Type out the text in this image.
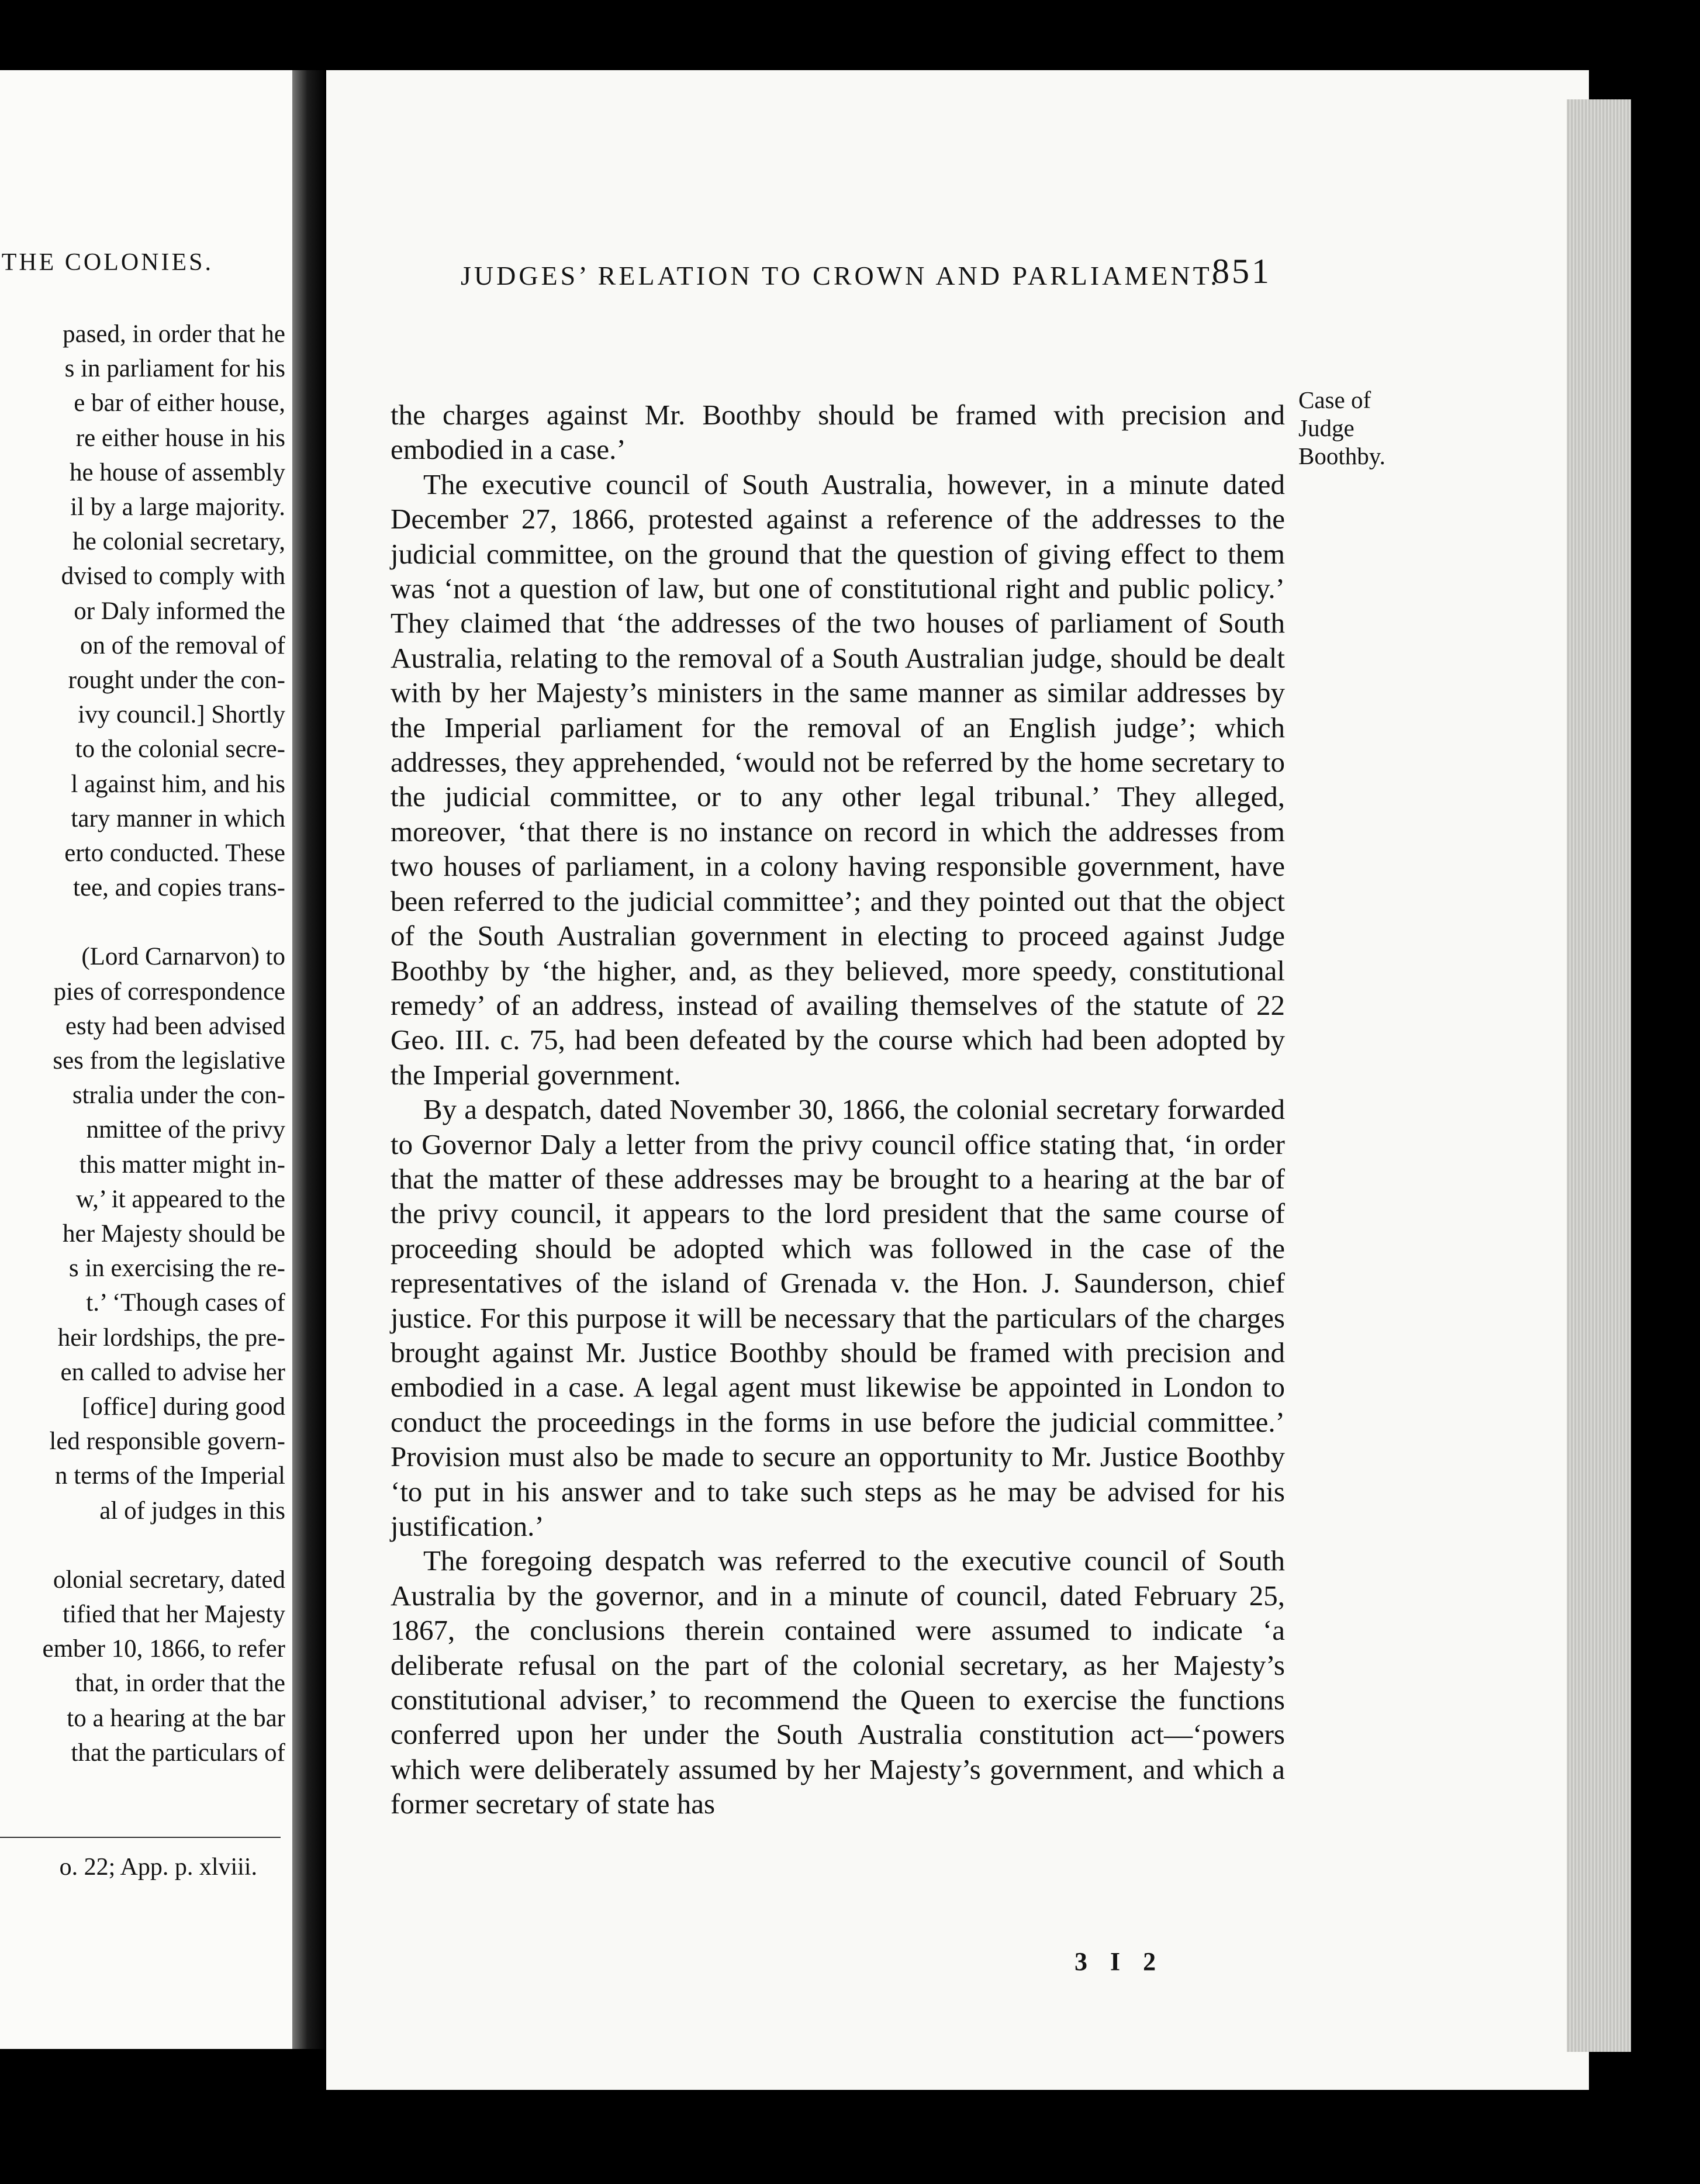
THE COLONIES.
pased, in order that he
s in parliament for his
e bar of either house,
re either house in his
he house of assembly
il by a large majority.
he colonial secretary,
dvised to comply with
or Daly informed the
on of the removal of
rought under the con-
ivy council.] Shortly
to the colonial secre-
l against him, and his
tary manner in which
erto conducted. These
tee, and copies trans-
(Lord Carnarvon) to
pies of correspondence
esty had been advised
ses from the legislative
stralia under the con-
nmittee of the privy
this matter might in-
w,’ it appeared to the
her Majesty should be
s in exercising the re-
t.’ ‘Though cases of
heir lordships, the pre-
en called to advise her
[office] during good
led responsible govern-
n terms of the Imperial
al of judges in this
olonial secretary, dated
tified that her Majesty
ember 10, 1866, to refer
that, in order that the
to a hearing at the bar
that the particulars of
o. 22; App. p. xlviii.
JUDGES’ RELATION TO CROWN AND PARLIAMENT.
851
Case of Judge Boothby.

the charges against Mr. Boothby should be framed with precision and embodied in a case.’

The executive council of South Australia, however, in a minute dated December 27, 1866, protested against a reference of the addresses to the judicial committee, on the ground that the question of giving effect to them was ‘not a question of law, but one of constitutional right and public policy.’ They claimed that ‘the addresses of the two houses of parliament of South Australia, relating to the removal of a South Australian judge, should be dealt with by her Majesty’s ministers in the same manner as similar addresses by the Imperial parliament for the removal of an English judge’; which addresses, they apprehended, ‘would not be referred by the home secretary to the judicial committee, or to any other legal tribunal.’ They alleged, moreover, ‘that there is no instance on record in which the addresses from two houses of parliament, in a colony having responsible government, have been referred to the judicial committee’; and they pointed out that the object of the South Australian government in electing to proceed against Judge Boothby by ‘the higher, and, as they believed, more speedy, constitutional remedy’ of an address, instead of availing themselves of the statute of 22 Geo. III. c. 75, had been defeated by the course which had been adopted by the Imperial government.

By a despatch, dated November 30, 1866, the colonial secretary forwarded to Governor Daly a letter from the privy council office stating that, ‘in order that the matter of these addresses may be brought to a hearing at the bar of the privy council, it appears to the lord president that the same course of proceeding should be adopted which was followed in the case of the representatives of the island of Grenada v. the Hon. J. Saunderson, chief justice. For this purpose it will be necessary that the particulars of the charges brought against Mr. Justice Boothby should be framed with precision and embodied in a case. A legal agent must likewise be appointed in London to conduct the proceedings in the forms in use before the judicial committee.’ Provision must also be made to secure an opportunity to Mr. Justice Boothby ‘to put in his answer and to take such steps as he may be advised for his justification.’

The foregoing despatch was referred to the executive council of South Australia by the governor, and in a minute of council, dated February 25, 1867, the conclusions therein contained were assumed to indicate ‘a deliberate refusal on the part of the colonial secretary, as her Majesty’s constitutional adviser,’ to recommend the Queen to exercise the functions conferred upon her under the South Australia constitution act—‘powers which were deliberately assumed by her Majesty’s government, and which a former secretary of state has

3 I 2
